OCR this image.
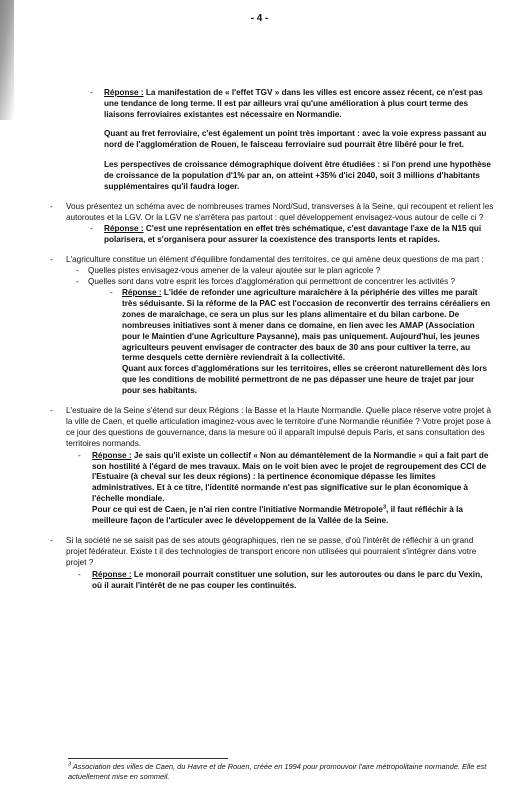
- 4 -
- Réponse : La manifestation de « l'effet TGV » dans les villes est encore assez récent, ce n'est pas une tendance de long terme. Il est par ailleurs vrai qu'une amélioration à plus court terme des liaisons ferroviaires existantes est nécessaire en Normandie.

Quant au fret ferroviaire, c'est également un point très important : avec la voie express passant au nord de l'agglomération de Rouen, le faisceau ferroviaire sud pourrait être libéré pour le fret.

Les perspectives de croissance démographique doivent être étudiées : si l'on prend une hypothèse de croissance de la population d'1% par an, on atteint +35% d'ici 2040, soit 3 millions d'habitants supplémentaires qu'il faudra loger.

- Vous présentez un schéma avec de nombreuses trames Nord/Sud, transverses à la Seine, qui recoupent et relient les autoroutes et la LGV. Or la LGV ne s'arrêtera pas partout : quel développement envisagez-vous autour de celle ci ?

- Réponse : C'est une représentation en effet très schématique, c'est davantage l'axe de la N15 qui polarisera, et s'organisera pour assurer la coexistence des transports lents et rapides.

- L'agriculture constitue un élément d'équilibre fondamental des territoires, ce qui amène deux questions de ma part :

- Quelles pistes envisagez-vous amener de la valeur ajoutée sur le plan agricole ?

- Quelles sont dans votre esprit les forces d'agglomération qui permettront de concentrer les activités ?

- Réponse : L'idée de refonder une agriculture maraîchère à la périphérie des villes me paraît très séduisante. Si la réforme de la PAC est l'occasion de reconvertir des terrains céréaliers en zones de maraîchage, ce sera un plus sur les plans alimentaire et du bilan carbone. De nombreuses initiatives sont à mener dans ce domaine, en lien avec les AMAP (Association pour le Maintien d'une Agriculture Paysanne), mais pas uniquement. Aujourd'hui, les jeunes agriculteurs peuvent envisager de contracter des baux de 30 ans pour cultiver la terre, au terme desquels cette dernière reviendrait à la collectivité.

Quant aux forces d'agglomérations sur les territoires, elles se créeront naturellement dès lors que les conditions de mobilité permettront de ne pas dépasser une heure de trajet par jour pour ses habitants.

- L'estuaire de la Seine s'étend sur deux Régions : la Basse et la Haute Normandie. Quelle place réserve votre projet à la ville de Caen, et quelle articulation imaginez-vous avec le territoire d'une Normandie réunifiée ? Votre projet pose à ce jour des questions de gouvernance, dans la mesure où il apparaît impulsé depuis Paris, et sans consultation des territoires normands.

- Réponse : Je sais qu'il existe un collectif « Non au démantèlement de la Normandie » qui a fait part de son hostilité à l'égard de mes travaux. Mais on le voit bien avec le projet de regroupement des CCI de l'Estuaire (à cheval sur les deux régions) : la pertinence économique dépasse les limites administratives. Et à ce titre, l'identité normande n'est pas significative sur le plan économique à l'échelle mondiale.

Pour ce qui est de Caen, je n'ai rien contre l'initiative Normandie Métropole$^3$, il faut réfléchir à la meilleure façon de l'articuler avec le développement de la Vallée de la Seine.

- Si la société ne se saisit pas de ses atouts géographiques, rien ne se passe, d'où l'intérêt de réfléchir à un grand projet fédérateur. Existe t il des technologies de transport encore non utilisées qui pourraient s'intégrer dans votre projet ?

- Réponse : Le monorail pourrait constituer une solution, sur les autoroutes ou dans le parc du Vexin, où il aurait l'intérêt de ne pas couper les continuités.

$^3$ Association des villes de Caen, du Havre et de Rouen, créée en 1994 pour promouvoir l'aire métropolitaine normande. Elle est actuellement mise en sommeil.
